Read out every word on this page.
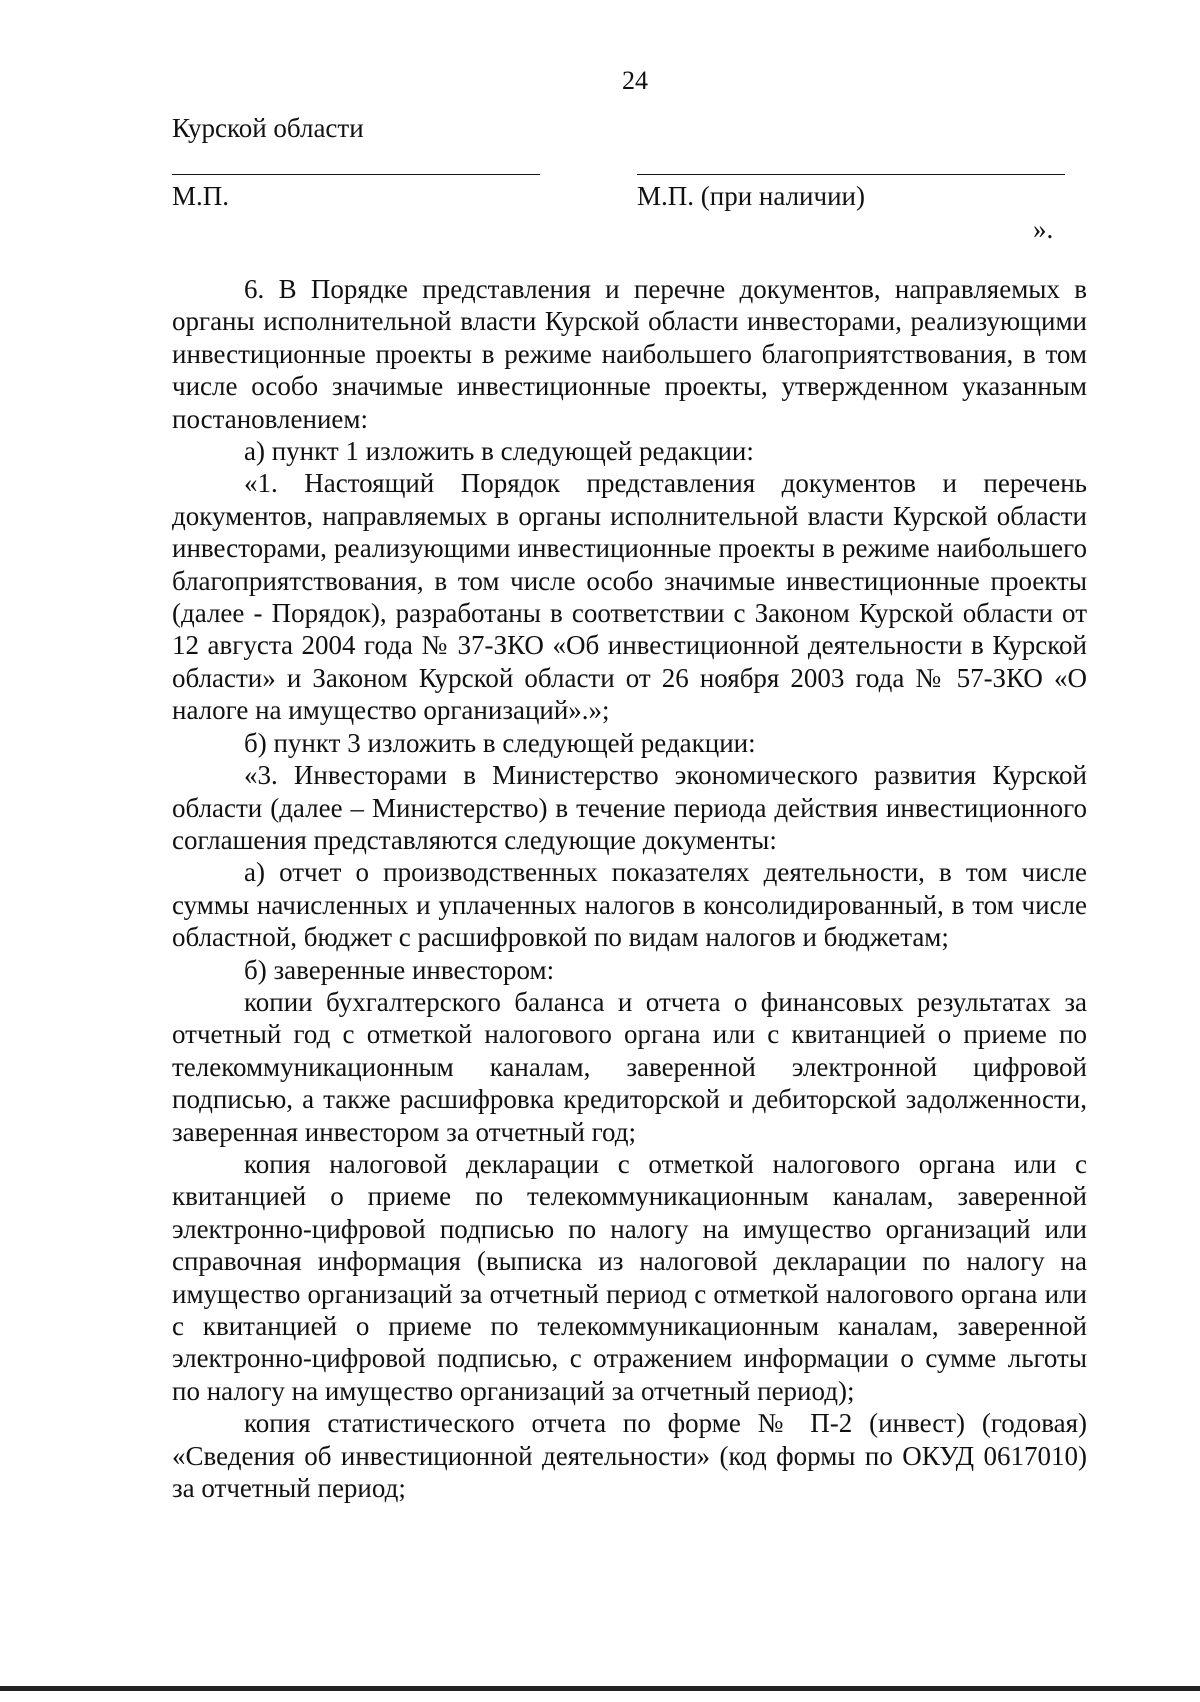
24
Курской области
М.П.	М.П. (при наличии)
».

6. В Порядке представления и перечне документов, направляемых в органы исполнительной власти Курской области инвесторами, реализующими инвестиционные проекты в режиме наибольшего благоприятствования, в том числе особо значимые инвестиционные проекты, утвержденном указанным постановлением:

а) пункт 1 изложить в следующей редакции:

«1. Настоящий Порядок представления документов и перечень документов, направляемых в органы исполнительной власти Курской области инвесторами, реализующими инвестиционные проекты в режиме наибольшего благоприятствования, в том числе особо значимые инвестиционные проекты (далее - Порядок), разработаны в соответствии с Законом Курской области от 12 августа 2004 года № 37-ЗКО «Об инвестиционной деятельности в Курской области» и Законом Курской области от 26 ноября 2003 года № 57-ЗКО «О налоге на имущество организаций».»;

б) пункт 3 изложить в следующей редакции:

«3. Инвесторами в Министерство экономического развития Курской области (далее – Министерство) в течение периода действия инвестиционного соглашения представляются следующие документы:

а) отчет о производственных показателях деятельности, в том числе суммы начисленных и уплаченных налогов в консолидированный, в том числе областной, бюджет с расшифровкой по видам налогов и бюджетам;

б) заверенные инвестором:

копии бухгалтерского баланса и отчета о финансовых результатах за отчетный год с отметкой налогового органа или с квитанцией о приеме по телекоммуникационным каналам, заверенной электронной цифровой подписью, а также расшифровка кредиторской и дебиторской задолженности, заверенная инвестором за отчетный год;

копия налоговой декларации с отметкой налогового органа или с квитанцией о приеме по телекоммуникационным каналам, заверенной электронно-цифровой подписью по налогу на имущество организаций или справочная информация (выписка из налоговой декларации по налогу на имущество организаций за отчетный период с отметкой налогового органа или с квитанцией о приеме по телекоммуникационным каналам, заверенной электронно-цифровой подписью, с отражением информации о сумме льготы по налогу на имущество организаций за отчетный период);

копия статистического отчета по форме № П-2 (инвест) (годовая) «Сведения об инвестиционной деятельности» (код формы по ОКУД 0617010) за отчетный период;
